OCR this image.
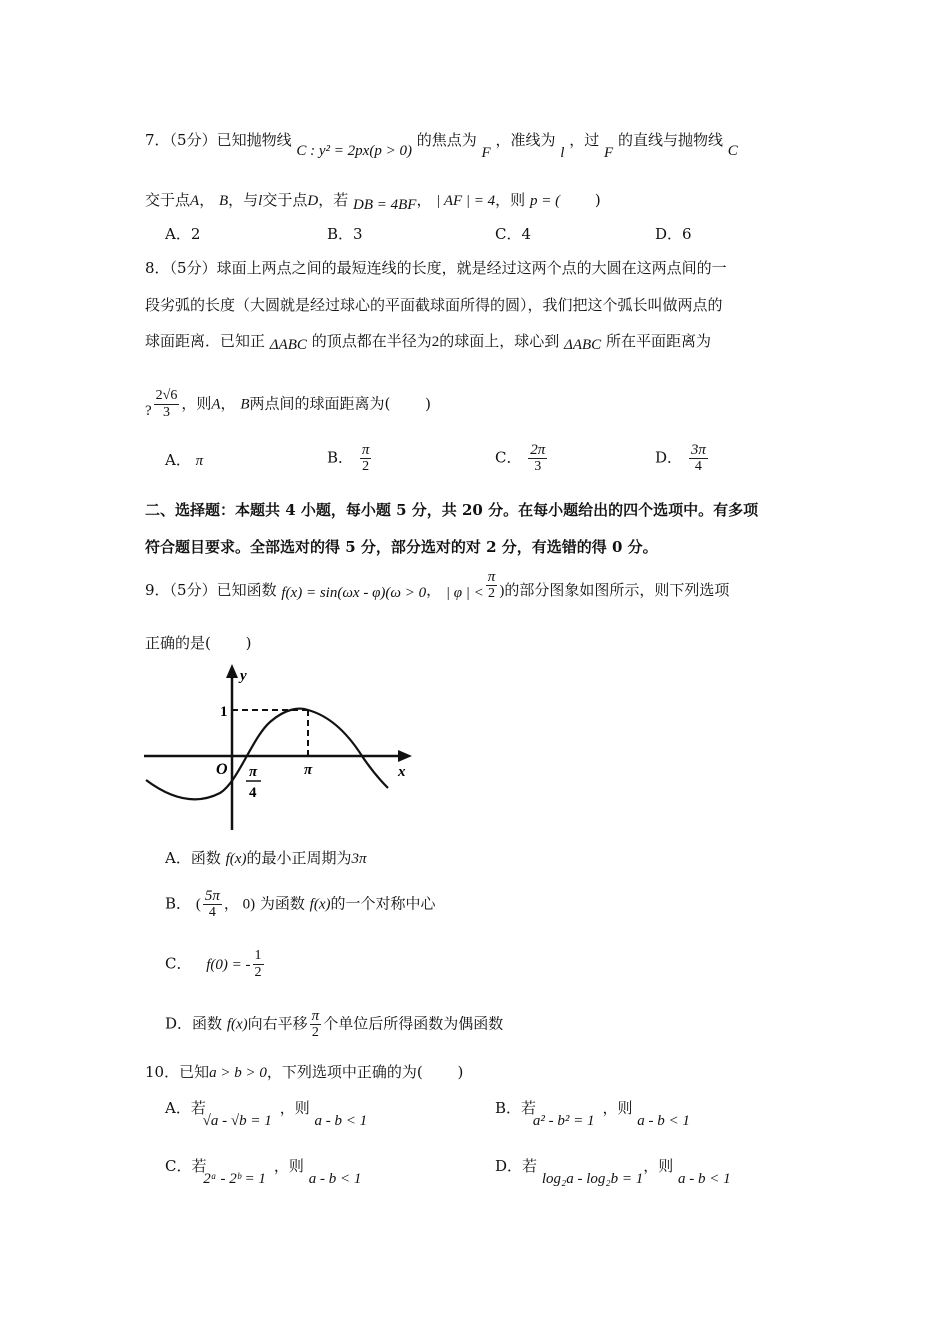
7．（5分）已知抛物线 C : y² = 2px(p > 0) 的焦点为 F ，准线为 l ，过 F 的直线与抛物线 C
交于点A， B，与l交于点D，若 DB = 4BF， | AF | = 4，则 p = ( )
A．2	B．3	C．4	D．6
8．（5分）球面上两点之间的最短连线的长度，就是经过这两个点的大圆在这两点间的一
段劣弧的长度（大圆就是经过球心的平面截球面所得的圆），我们把这个弧长叫做两点的
球面距离．已知正 ΔABC 的顶点都在半径为2的球面上，球心到 ΔABC 所在平面距离为
? $\frac{2√6}{3}$ ，则A， B两点间的球面距离为( )
A． π	B． $\frac{\pi}{2}$	C． $\frac{2\pi}{3}$	D． $\frac{3\pi}{4}$
二、选择题：本题共 4 小题，每小题 5 分，共 20 分。在每小题给出的四个选项中。有多项
符合题目要求。全部选对的得 5 分，部分选对的对 2 分，有选错的得 0 分。
9．（5分）已知函数 f(x) = sin(ωx - φ)(ω > 0， | φ | < $\frac{\pi}{2}$ )的部分图象如图所示，则下列选项
正确的是( )
y
x
O
1
π
4
π
A．函数 f(x)的最小正周期为3π
B． ( $\frac{5\pi}{4}$ ， 0) 为函数 f(x)的一个对称中心
C． f(0) = - $\frac{1}{2}$
D．函数 f(x)向右平移 $\frac{\pi}{2}$ 个单位后所得函数为偶函数
10．已知a > b > 0，下列选项中正确的为( )
A．若 √a - √b = 1，则 a - b < 1
B．若 a² - b² = 1，则 a - b < 1
C．若 2ᵃ - 2ᵇ = 1，则 a - b < 1
D．若 log₂a - log₂b = 1，则 a - b < 1
